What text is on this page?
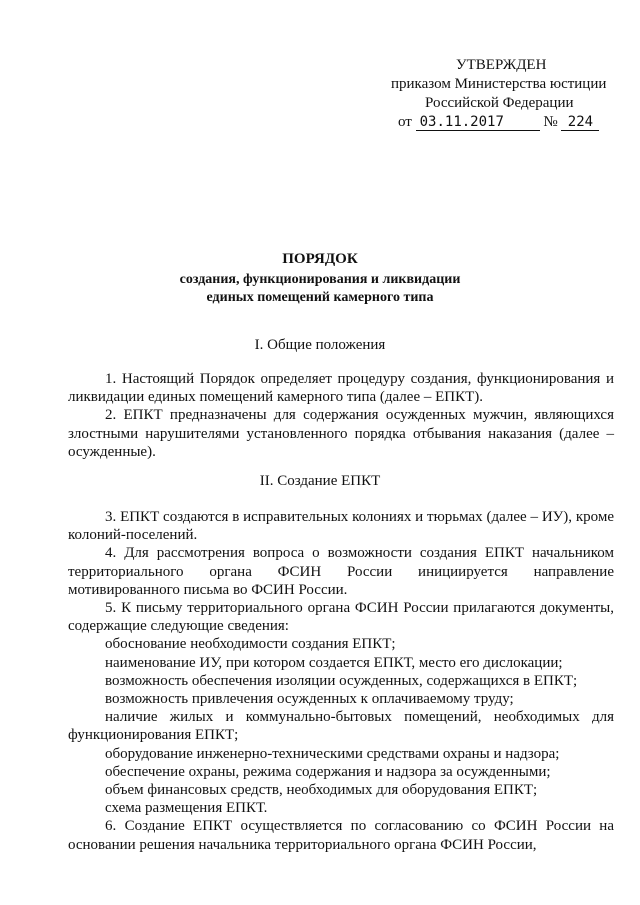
УТВЕРЖДЕН
приказом Министерства юстиции
Российской Федерации
от 03.11.2017	№ 224
ПОРЯДОК
создания, функционирования и ликвидации
единых помещений камерного типа
I. Общие положения

1. Настоящий Порядок определяет процедуру создания, функционирования и ликвидации единых помещений камерного типа (далее – ЕПКТ).

2. ЕПКТ предназначены для содержания осужденных мужчин, являющихся злостными нарушителями установленного порядка отбывания наказания (далее – осужденные).

II. Создание ЕПКТ

3. ЕПКТ создаются в исправительных колониях и тюрьмах (далее – ИУ), кроме колоний-поселений.

4. Для рассмотрения вопроса о возможности создания ЕПКТ начальником территориального органа ФСИН России инициируется направление мотивированного письма во ФСИН России.

5. К письму территориального органа ФСИН России прилагаются документы, содержащие следующие сведения:

обоснование необходимости создания ЕПКТ;

наименование ИУ, при котором создается ЕПКТ, место его дислокации;

возможность обеспечения изоляции осужденных, содержащихся в ЕПКТ;

возможность привлечения осужденных к оплачиваемому труду;

наличие жилых и коммунально-бытовых помещений, необходимых для функционирования ЕПКТ;

оборудование инженерно-техническими средствами охраны и надзора;

обеспечение охраны, режима содержания и надзора за осужденными;

объем финансовых средств, необходимых для оборудования ЕПКТ;

схема размещения ЕПКТ.

6. Создание ЕПКТ осуществляется по согласованию со ФСИН России на основании решения начальника территориального органа ФСИН России,
